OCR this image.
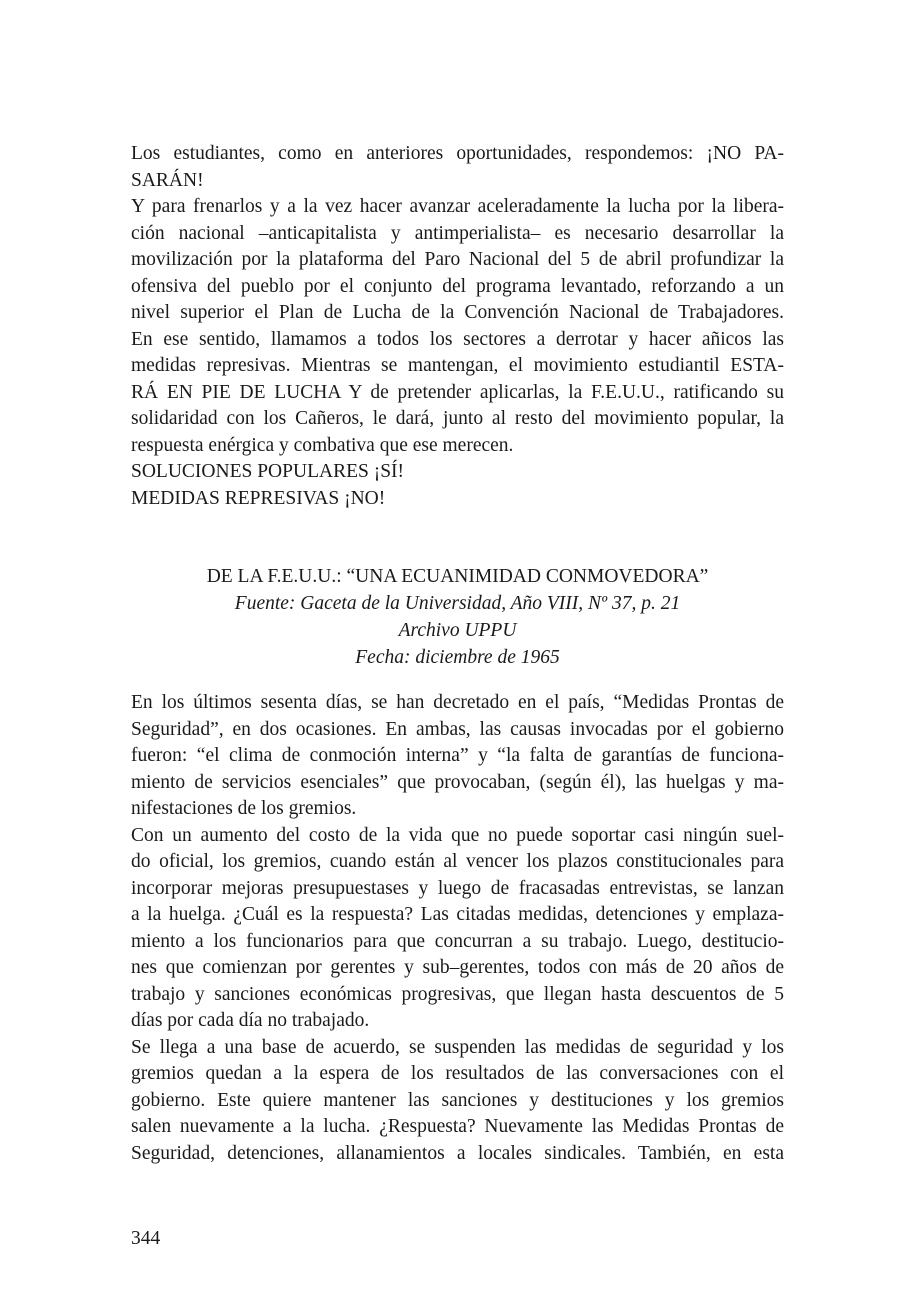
Los estudiantes, como en anteriores oportunidades, respondemos: ¡NO PA-
SARÁN!
Y para frenarlos y a la vez hacer avanzar aceleradamente la lucha por la libera-
ción nacional –anticapitalista y antimperialista– es necesario desarrollar la
movilización por la plataforma del Paro Nacional del 5 de abril profundizar la
ofensiva del pueblo por el conjunto del programa levantado, reforzando a un
nivel superior el Plan de Lucha de la Convención Nacional de Trabajadores.
En ese sentido, llamamos a todos los sectores a derrotar y hacer añicos las
medidas represivas. Mientras se mantengan, el movimiento estudiantil ESTA-
RÁ EN PIE DE LUCHA Y de pretender aplicarlas, la F.E.U.U., ratificando su
solidaridad con los Cañeros, le dará, junto al resto del movimiento popular, la
respuesta enérgica y combativa que ese merecen.
SOLUCIONES POPULARES ¡SÍ!
MEDIDAS REPRESIVAS ¡NO!
DE LA F.E.U.U.: “UNA ECUANIMIDAD CONMOVEDORA”
Fuente: Gaceta de la Universidad, Año VIII, Nº 37, p. 21
Archivo UPPU
Fecha: diciembre de 1965
En los últimos sesenta días, se han decretado en el país, “Medidas Prontas de
Seguridad”, en dos ocasiones. En ambas, las causas invocadas por el gobierno
fueron: “el clima de conmoción interna” y “la falta de garantías de funciona-
miento de servicios esenciales” que provocaban, (según él), las huelgas y ma-
nifestaciones de los gremios.
Con un aumento del costo de la vida que no puede soportar casi ningún suel-
do oficial, los gremios, cuando están al vencer los plazos constitucionales para
incorporar mejoras presupuestases y luego de fracasadas entrevistas, se lanzan
a la huelga. ¿Cuál es la respuesta? Las citadas medidas, detenciones y emplaza-
miento a los funcionarios para que concurran a su trabajo. Luego, destitucio-
nes que comienzan por gerentes y sub–gerentes, todos con más de 20 años de
trabajo y sanciones económicas progresivas, que llegan hasta descuentos de 5
días por cada día no trabajado.
Se llega a una base de acuerdo, se suspenden las medidas de seguridad y los
gremios quedan a la espera de los resultados de las conversaciones con el
gobierno. Este quiere mantener las sanciones y destituciones y los gremios
salen nuevamente a la lucha. ¿Respuesta? Nuevamente las Medidas Prontas de
Seguridad, detenciones, allanamientos a locales sindicales. También, en esta
344
